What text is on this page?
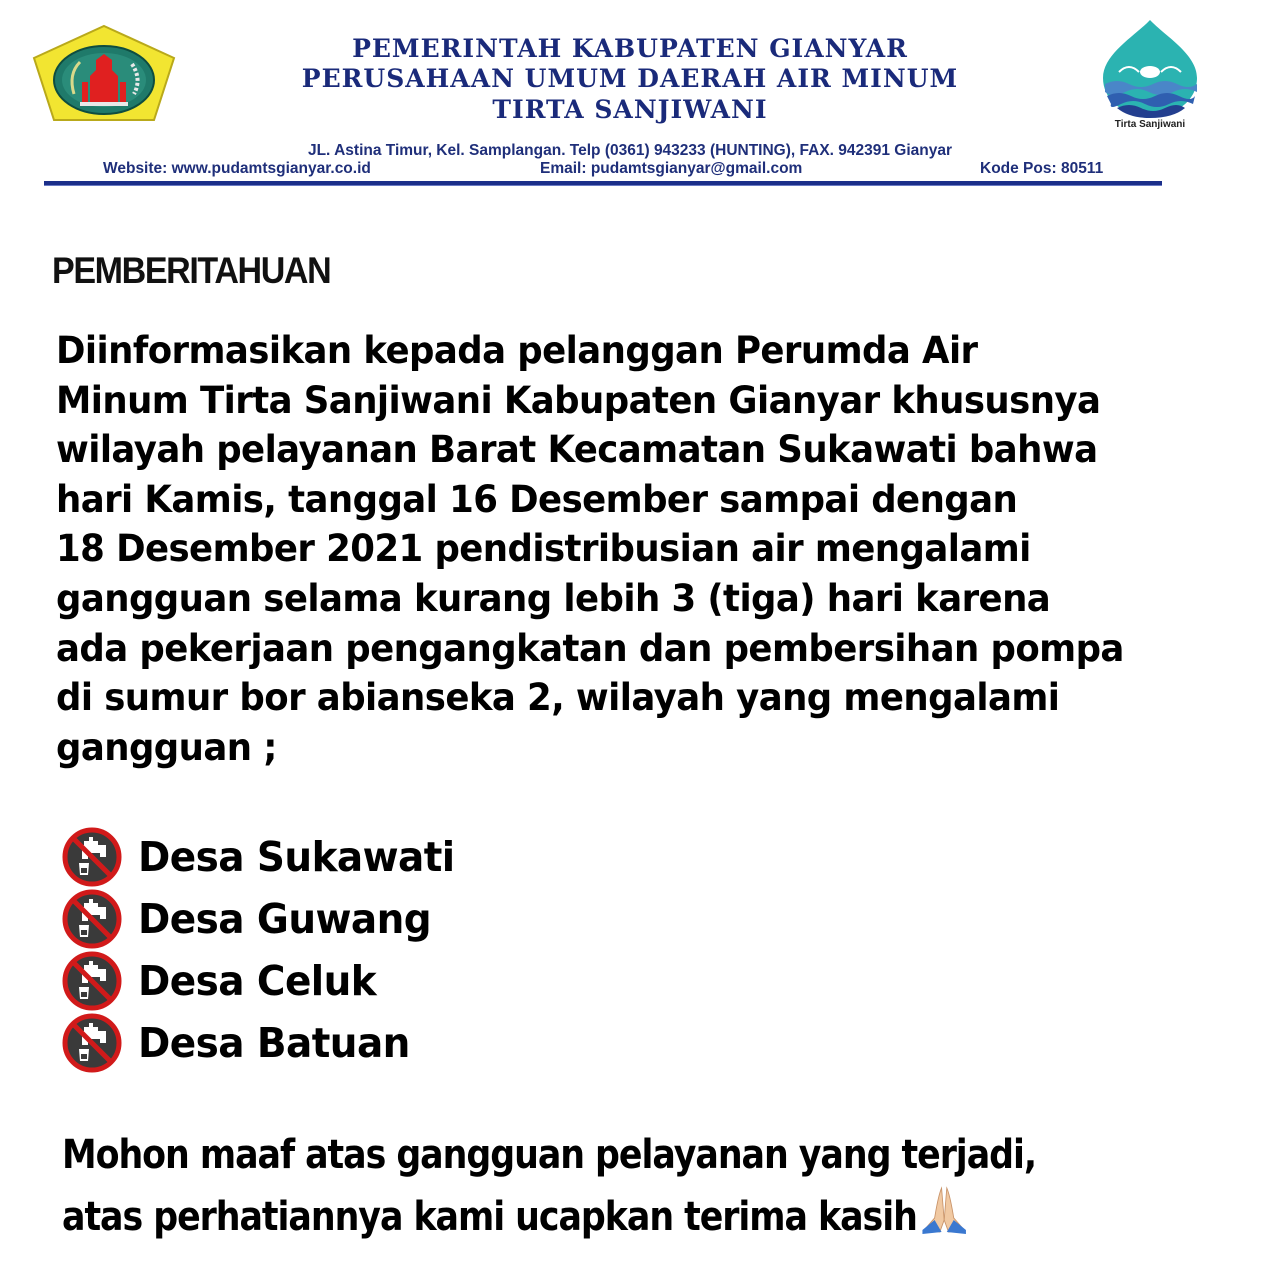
PEMERINTAH KABUPATEN GIANYAR
PERUSAHAAN UMUM DAERAH AIR MINUM
TIRTA SANJIWANI
JL. Astina Timur, Kel. Samplangan. Telp (0361) 943233 (HUNTING), FAX. 942391 Gianyar
Website: www.pudamtsgianyar.co.id	Email: pudamtsgianyar@gmail.com	Kode Pos: 80511
Tirta Sanjiwani
PEMBERITAHUAN
Diinformasikan kepada pelanggan Perumda Air
Minum Tirta Sanjiwani Kabupaten Gianyar khususnya
wilayah pelayanan Barat Kecamatan Sukawati bahwa
hari Kamis, tanggal 16 Desember sampai dengan
18 Desember 2021 pendistribusian air mengalami
gangguan selama kurang lebih 3 (tiga) hari karena
ada pekerjaan pengangkatan dan pembersihan pompa
di sumur bor abianseka 2, wilayah yang mengalami
gangguan ;
Desa Sukawati
Desa Guwang
Desa Celuk
Desa Batuan
Mohon maaf atas gangguan pelayanan yang terjadi,
atas perhatiannya kami ucapkan terima kasih
